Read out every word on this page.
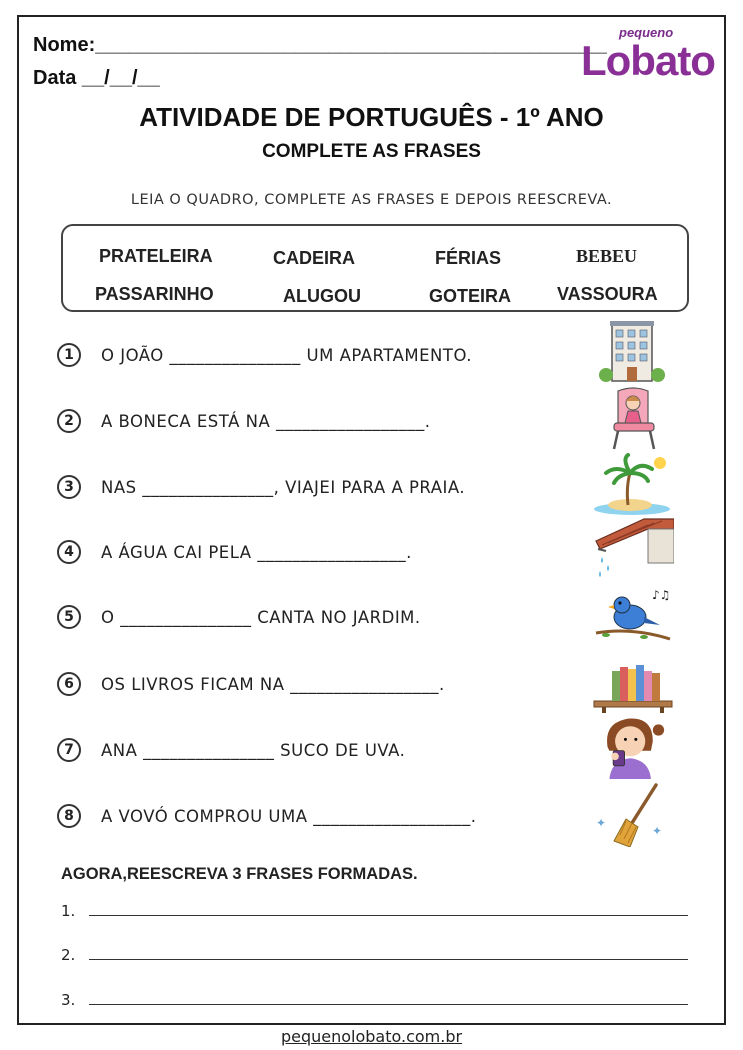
Nome:______________________________________________
Data __/__/__
pequeno
Lobato
ATIVIDADE DE PORTUGUÊS - 1º ANO
COMPLETE AS FRASES
LEIA O QUADRO, COMPLETE AS FRASES E DEPOIS REESCREVA.
PRATELEIRA	CADEIRA	FÉRIAS	BEBEU
PASSARINHO	ALUGOU	GOTEIRA	VASSOURA
1	O JOÃO _______________ UM APARTAMENTO.
2	A BONECA ESTÁ NA _________________.
3	NAS _______________, VIAJEI PARA A PRAIA.
4	A ÁGUA CAI PELA _________________.
5	O _______________ CANTA NO JARDIM.
6	OS LIVROS FICAM NA _________________.
7	ANA _______________ SUCO DE UVA.
8	A VOVÓ COMPROU UMA __________________.
♪♫
✦
✦
AGORA,REESCREVA 3 FRASES FORMADAS.
1.
2.
3.
pequenolobato.com.br
